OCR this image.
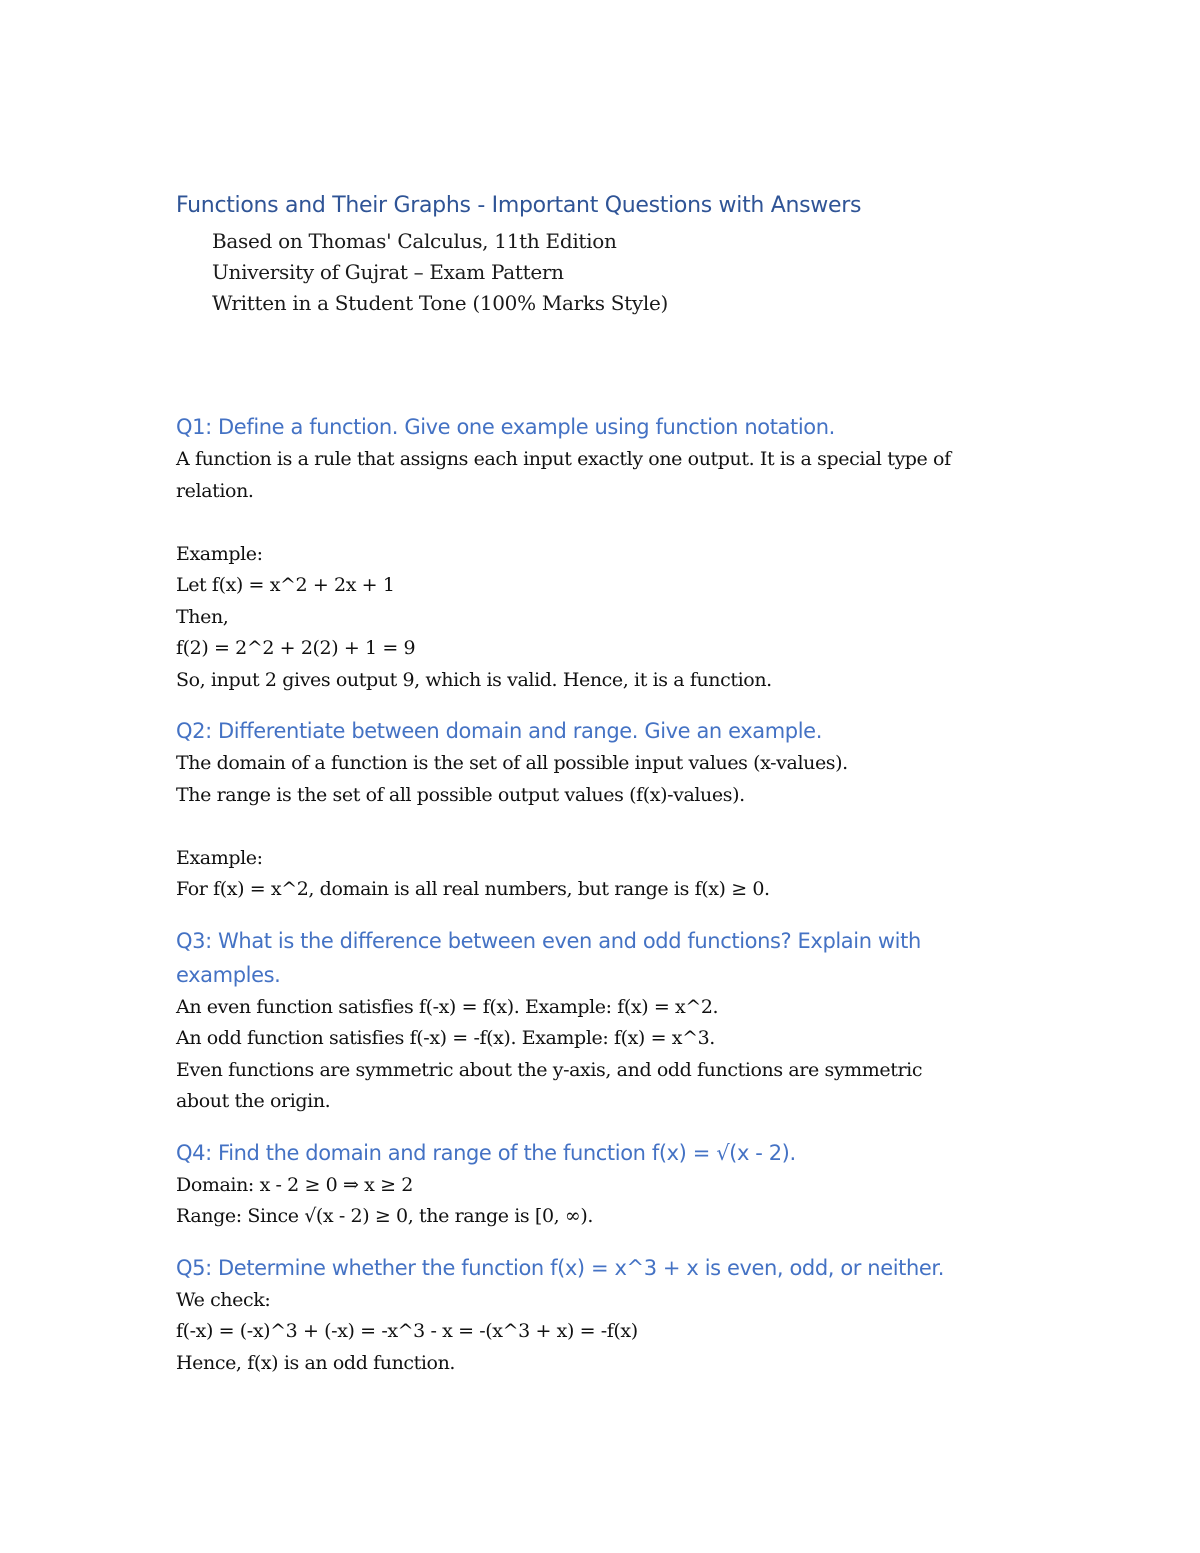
Functions and Their Graphs - Important Questions with Answers

Based on Thomas' Calculus, 11th Edition

University of Gujrat – Exam Pattern

Written in a Student Tone (100% Marks Style)

Q1: Define a function. Give one example using function notation.

A function is a rule that assigns each input exactly one output. It is a special type of

relation.

Example:

Let f(x) = x^2 + 2x + 1

Then,

f(2) = 2^2 + 2(2) + 1 = 9

So, input 2 gives output 9, which is valid. Hence, it is a function.

Q2: Differentiate between domain and range. Give an example.

The domain of a function is the set of all possible input values (x-values).

The range is the set of all possible output values (f(x)-values).

Example:

For f(x) = x^2, domain is all real numbers, but range is f(x) ≥ 0.

Q3: What is the difference between even and odd functions? Explain with
examples.

An even function satisfies f(-x) = f(x). Example: f(x) = x^2.

An odd function satisfies f(-x) = -f(x). Example: f(x) = x^3.

Even functions are symmetric about the y-axis, and odd functions are symmetric

about the origin.

Q4: Find the domain and range of the function f(x) = √(x - 2).

Domain: x - 2 ≥ 0 ⇒ x ≥ 2

Range: Since √(x - 2) ≥ 0, the range is [0, ∞).

Q5: Determine whether the function f(x) = x^3 + x is even, odd, or neither.

We check:

f(-x) = (-x)^3 + (-x) = -x^3 - x = -(x^3 + x) = -f(x)

Hence, f(x) is an odd function.
